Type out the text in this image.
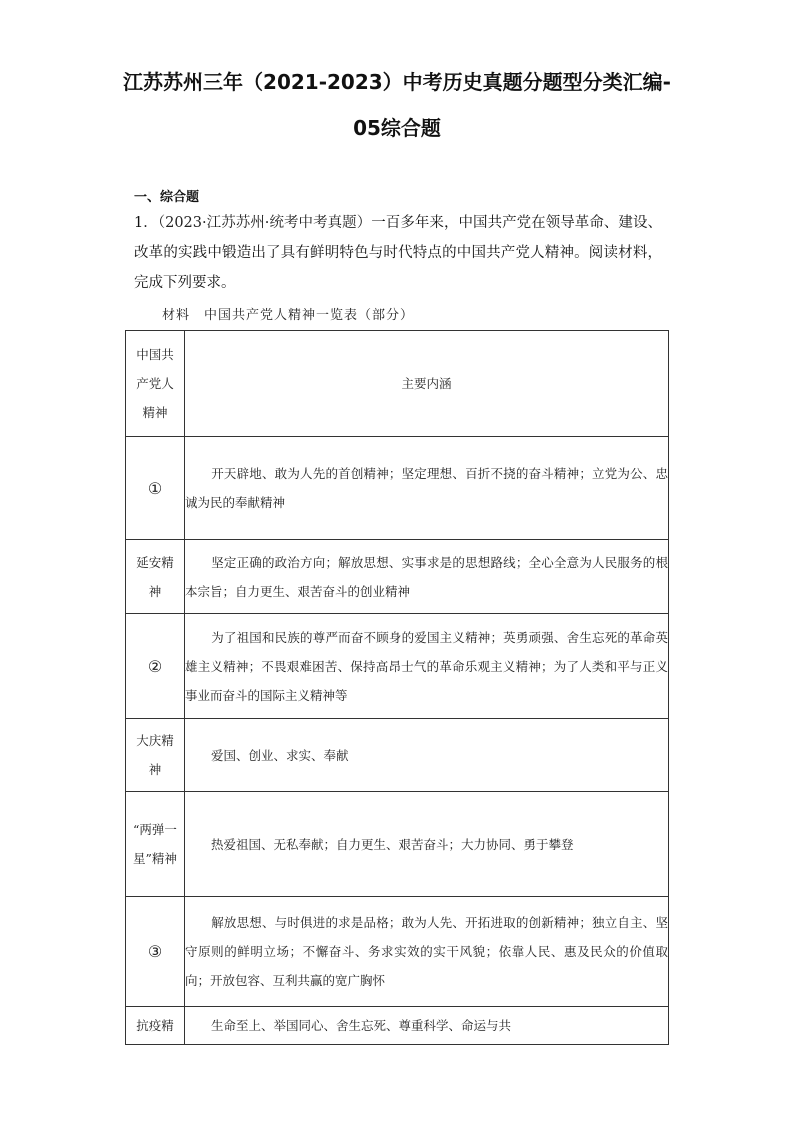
江苏苏州三年（2021-2023）中考历史真题分题型分类汇编-
05综合题
一、综合题
1．（2023·江苏苏州·统考中考真题）一百多年来，中国共产党在领导革命、建设、改革的实践中锻造出了具有鲜明特色与时代特点的中国共产党人精神。阅读材料，完成下列要求。
材料　中国共产党人精神一览表（部分）
中国共产党人精神	主要内涵
①	开天辟地、敢为人先的首创精神；坚定理想、百折不挠的奋斗精神；立党为公、忠诚为民的奉献精神

延安精神	坚定正确的政治方向；解放思想、实事求是的思想路线；全心全意为人民服务的根本宗旨；自力更生、艰苦奋斗的创业精神
②	为了祖国和民族的尊严而奋不顾身的爱国主义精神；英勇顽强、舍生忘死的革命英雄主义精神；不畏艰难困苦、保持高昂士气的革命乐观主义精神；为了人类和平与正义事业而奋斗的国际主义精神等

大庆精神	爱国、创业、求实、奉献

“两弹一星”精神	热爱祖国、无私奉献；自力更生、艰苦奋斗；大力协同、勇于攀登
③	解放思想、与时俱进的求是品格；敢为人先、开拓进取的创新精神；独立自主、坚守原则的鲜明立场；不懈奋斗、务求实效的实干风貌；依靠人民、惠及民众的价值取向；开放包容、互利共赢的宽广胸怀
抗疫精	生命至上、举国同心、舍生忘死、尊重科学、命运与共
